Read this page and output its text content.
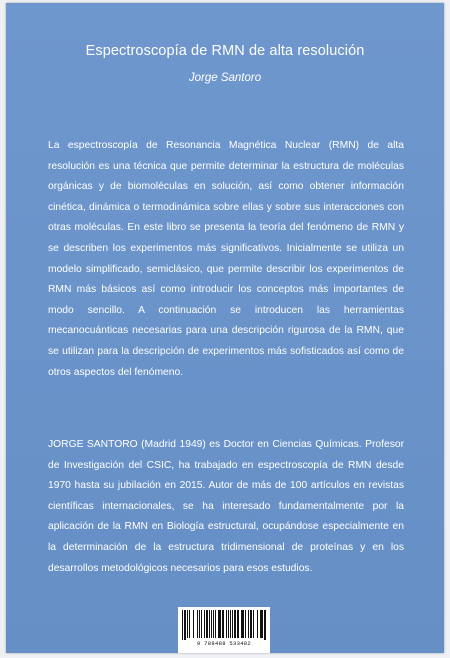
Espectroscopía de RMN de alta resolución
Jorge Santoro
La espectroscopía de Resonancia Magnética Nuclear (RMN) de alta resolución es una técnica que permite determinar la estructura de moléculas orgánicas y de biomoléculas en solución, así como obtener información cinética, dinámica o termodinámica sobre ellas y sobre sus interacciones con otras moléculas. En este libro se presenta la teoría del fenómeno de RMN y se describen los experimentos más significativos. Inicialmente se utiliza un modelo simplificado, semiclásico, que permite describir los experimentos de RMN más básicos así como introducir los conceptos más importantes de modo sencillo. A continuación se introducen las herramientas mecanocuánticas necesarias para una descripción rigurosa de la RMN, que se utilizan para la descripción de experimentos más sofisticados así como de otros aspectos del fenómeno.
JORGE SANTORO (Madrid 1949) es Doctor en Ciencias Químicas. Profesor de Investigación del CSIC, ha trabajado en espectroscopía de RMN desde 1970 hasta su jubilación en 2015. Autor de más de 100 artículos en revistas científicas internacionales, se ha interesado fundamentalmente por la aplicación de la RMN en Biología estructural, ocupándose especialmente en la determinación de la estructura tridimensional de proteínas y en los desarrollos metodológicos necesarios para esos estudios.
9 788488 533482
